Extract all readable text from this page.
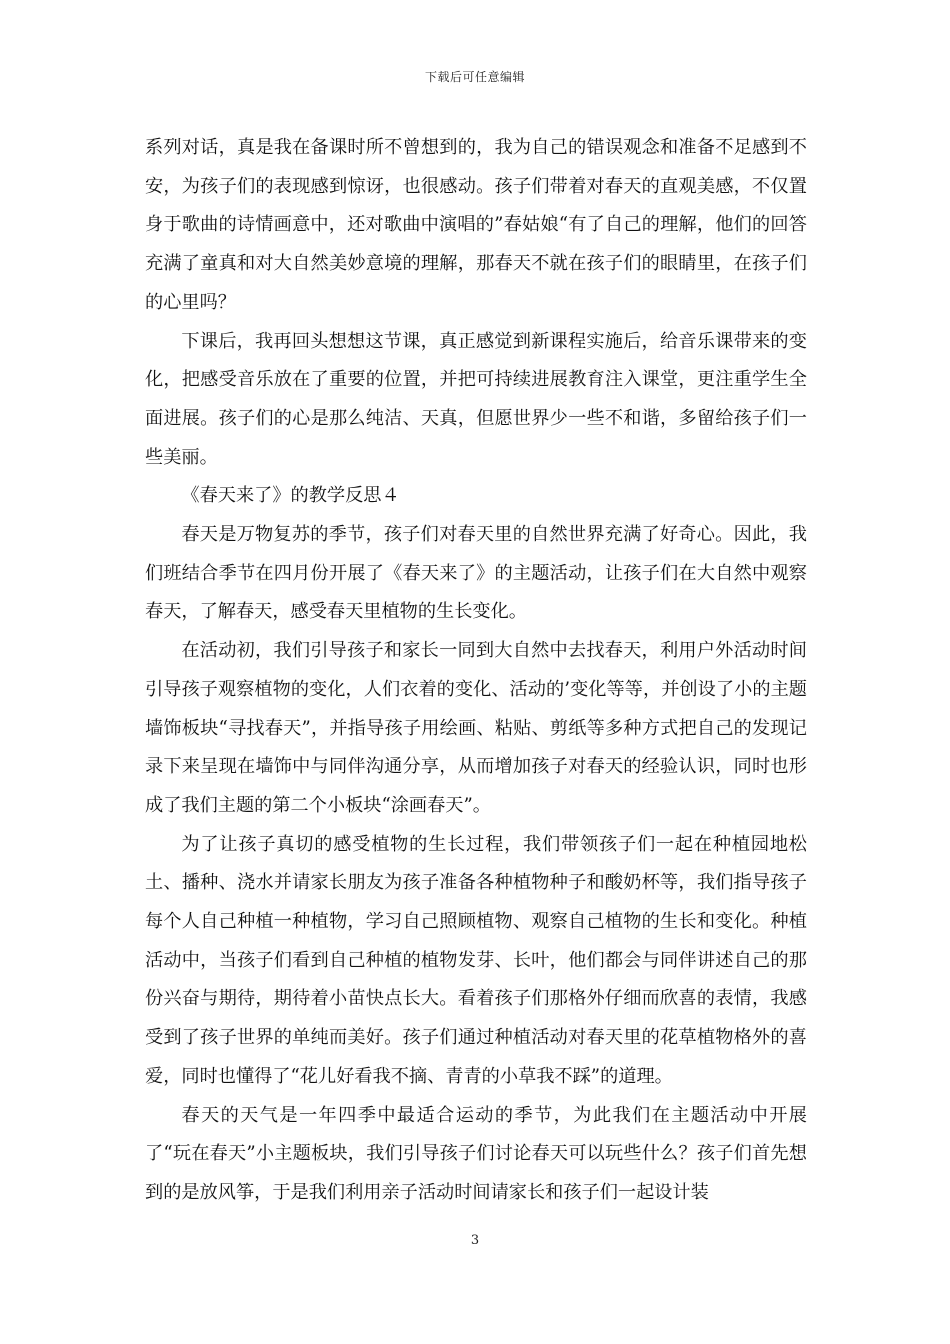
下载后可任意编辑

系列对话，真是我在备课时所不曾想到的，我为自己的错误观念和准备不足感到不安，为孩子们的表现感到惊讶，也很感动。孩子们带着对春天的直观美感，不仅置身于歌曲的诗情画意中，还对歌曲中演唱的”春姑娘“有了自己的理解，他们的回答充满了童真和对大自然美妙意境的理解，那春天不就在孩子们的眼睛里，在孩子们的心里吗？

下课后，我再回头想想这节课，真正感觉到新课程实施后，给音乐课带来的变化，把感受音乐放在了重要的位置，并把可持续进展教育注入课堂，更注重学生全面进展。孩子们的心是那么纯洁、天真，但愿世界少一些不和谐，多留给孩子们一些美丽。

《春天来了》的教学反思４

春天是万物复苏的季节，孩子们对春天里的自然世界充满了好奇心。因此，我们班结合季节在四月份开展了《春天来了》的主题活动，让孩子们在大自然中观察春天，了解春天，感受春天里植物的生长变化。

在活动初，我们引导孩子和家长一同到大自然中去找春天，利用户外活动时间引导孩子观察植物的变化，人们衣着的变化、活动的’变化等等，并创设了小的主题墙饰板块“寻找春天”，并指导孩子用绘画、粘贴、剪纸等多种方式把自己的发现记录下来呈现在墙饰中与同伴沟通分享，从而增加孩子对春天的经验认识，同时也形成了我们主题的第二个小板块“涂画春天”。

为了让孩子真切的感受植物的生长过程，我们带领孩子们一起在种植园地松土、播种、浇水并请家长朋友为孩子准备各种植物种子和酸奶杯等，我们指导孩子每个人自己种植一种植物，学习自己照顾植物、观察自己植物的生长和变化。种植活动中，当孩子们看到自己种植的植物发芽、长叶，他们都会与同伴讲述自己的那份兴奋与期待，期待着小苗快点长大。看着孩子们那格外仔细而欣喜的表情，我感受到了孩子世界的单纯而美好。孩子们通过种植活动对春天里的花草植物格外的喜爱，同时也懂得了“花儿好看我不摘、青青的小草我不踩”的道理。

春天的天气是一年四季中最适合运动的季节，为此我们在主题活动中开展了“玩在春天”小主题板块，我们引导孩子们讨论春天可以玩些什么？孩子们首先想到的是放风筝，于是我们利用亲子活动时间请家长和孩子们一起设计装

3
